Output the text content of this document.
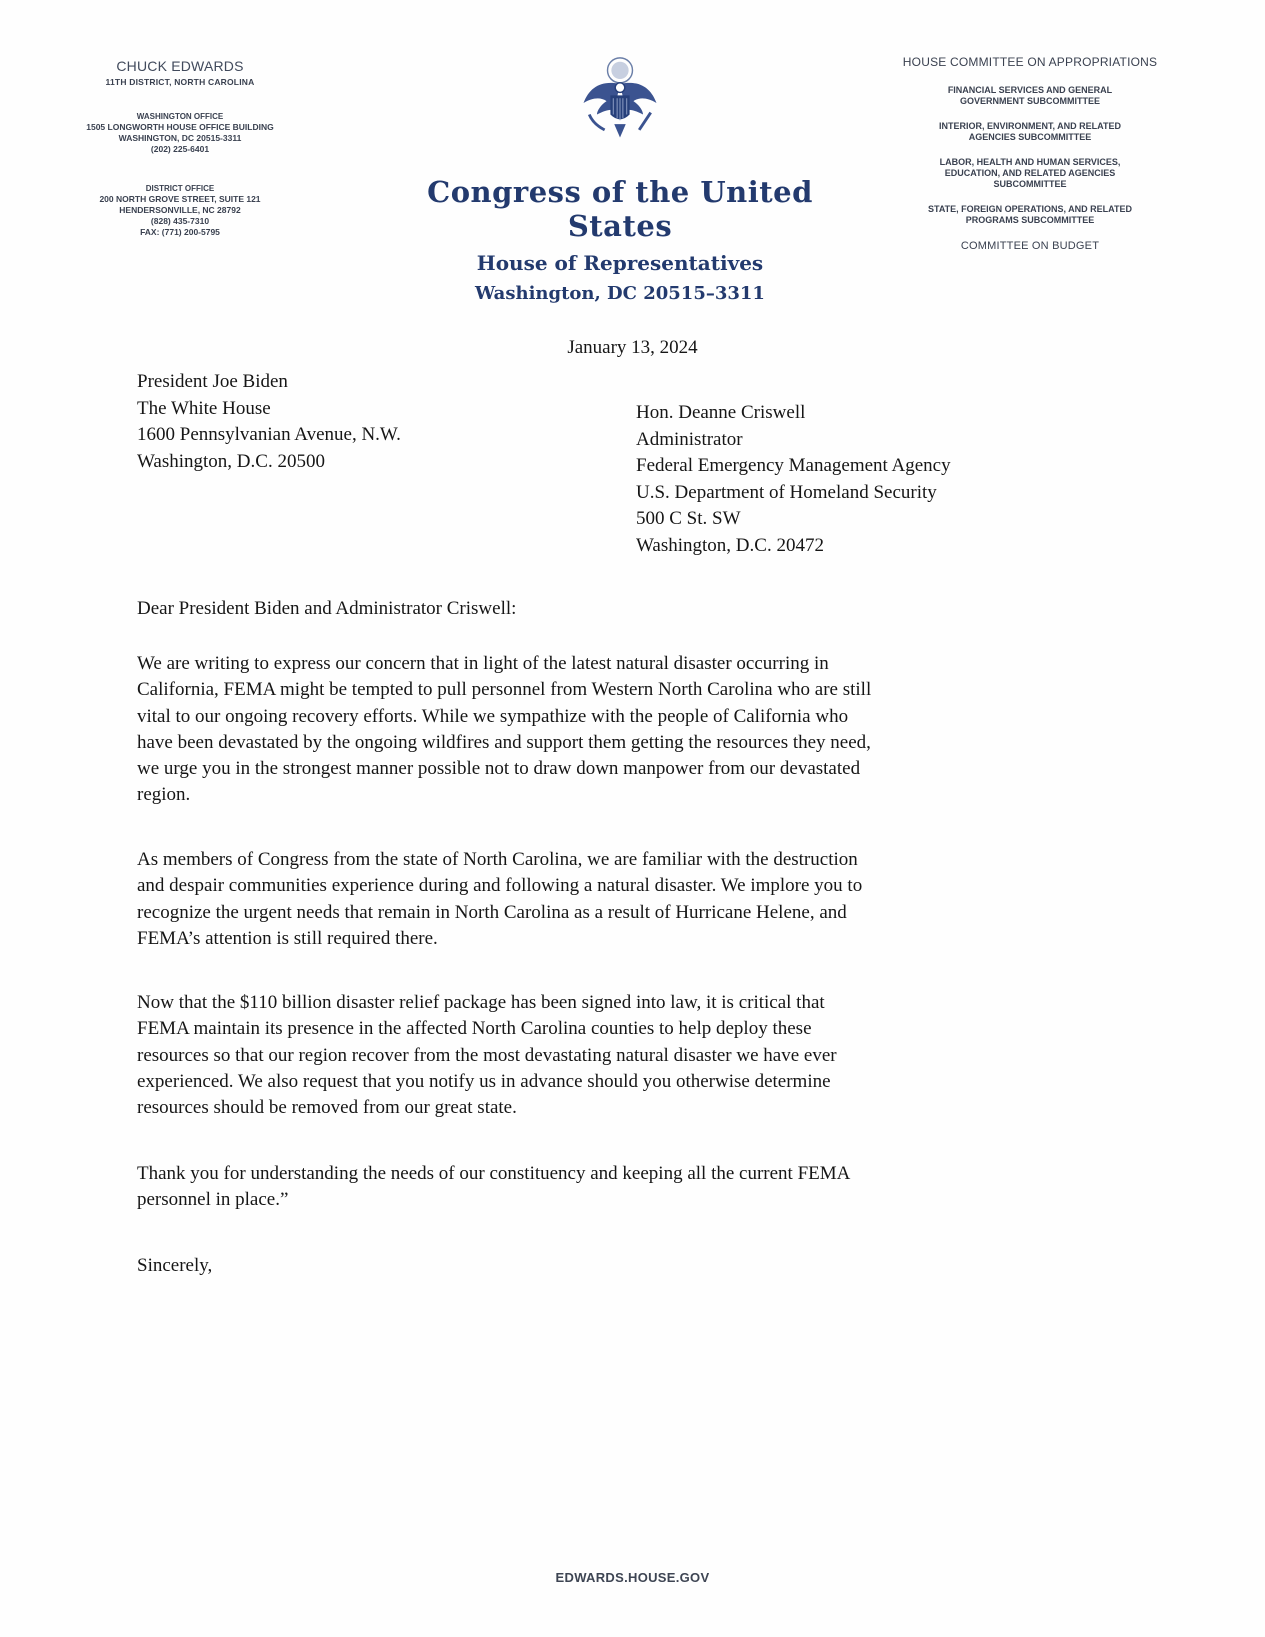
CHUCK EDWARDS
11TH DISTRICT, NORTH CAROLINA
WASHINGTON OFFICE
1505 LONGWORTH HOUSE OFFICE BUILDING
WASHINGTON, DC 20515-3311
(202) 225-6401
DISTRICT OFFICE
200 NORTH GROVE STREET, SUITE 121
HENDERSONVILLE, NC 28792
(828) 435-7310
FAX: (771) 200-5795
Congress of the United States
House of Representatives
Washington, DC 20515–3311
HOUSE COMMITTEE ON APPROPRIATIONS
FINANCIAL SERVICES AND GENERAL
GOVERNMENT SUBCOMMITTEE
INTERIOR, ENVIRONMENT, AND RELATED
AGENCIES SUBCOMMITTEE
LABOR, HEALTH AND HUMAN SERVICES,
EDUCATION, AND RELATED AGENCIES
SUBCOMMITTEE
STATE, FOREIGN OPERATIONS, AND RELATED
PROGRAMS SUBCOMMITTEE
COMMITTEE ON BUDGET
January 13, 2024
President Joe Biden
The White House
1600 Pennsylvanian Avenue, N.W.
Washington, D.C. 20500
Hon. Deanne Criswell
Administrator
Federal Emergency Management Agency
U.S. Department of Homeland Security
500 C St. SW
Washington, D.C. 20472
Dear President Biden and Administrator Criswell:
We are writing to express our concern that in light of the latest natural disaster occurring in
California, FEMA might be tempted to pull personnel from Western North Carolina who are still
vital to our ongoing recovery efforts. While we sympathize with the people of California who
have been devastated by the ongoing wildfires and support them getting the resources they need,
we urge you in the strongest manner possible not to draw down manpower from our devastated
region.
As members of Congress from the state of North Carolina, we are familiar with the destruction
and despair communities experience during and following a natural disaster. We implore you to
recognize the urgent needs that remain in North Carolina as a result of Hurricane Helene, and
FEMA’s attention is still required there.
Now that the $110 billion disaster relief package has been signed into law, it is critical that
FEMA maintain its presence in the affected North Carolina counties to help deploy these
resources so that our region recover from the most devastating natural disaster we have ever
experienced. We also request that you notify us in advance should you otherwise determine
resources should be removed from our great state.
Thank you for understanding the needs of our constituency and keeping all the current FEMA
personnel in place.”
Sincerely,
EDWARDS.HOUSE.GOV
